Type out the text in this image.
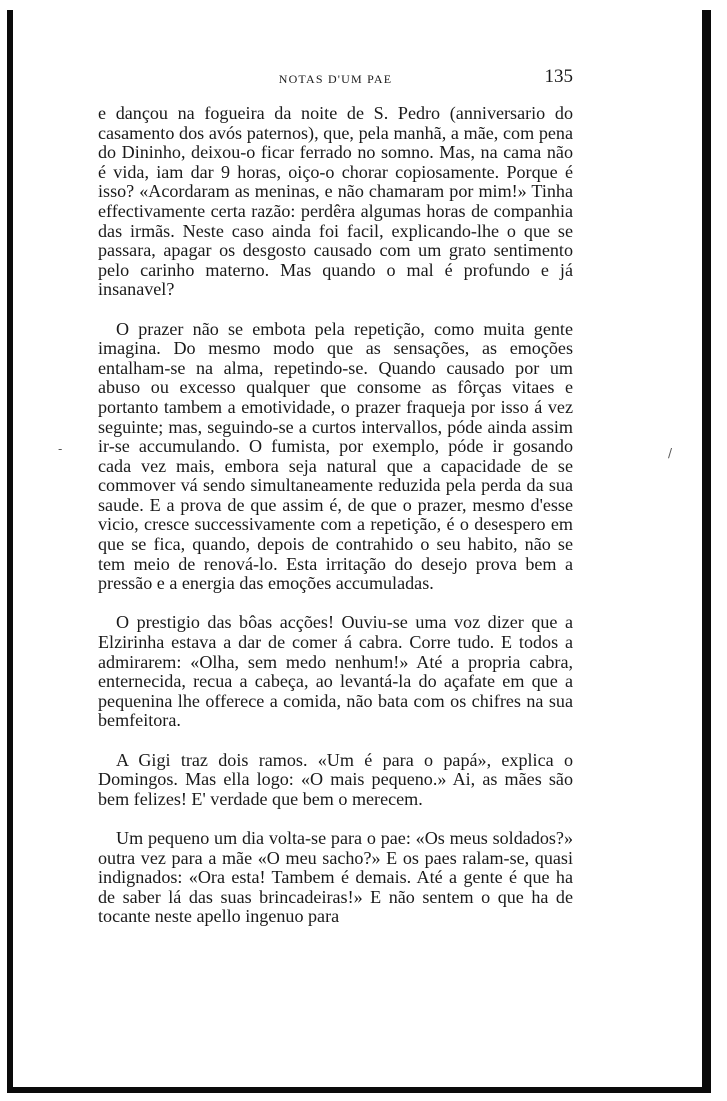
NOTAS D'UM PAE	135

e dançou na fogueira da noite de S. Pedro (anniversario do casamento dos avós paternos), que, pela manhã, a mãe, com pena do Dininho, deixou-o ficar ferrado no somno. Mas, na cama não é vida, iam dar 9 horas, oiço-o chorar copiosamente. Porque é isso? «Acordaram as meninas, e não chamaram por mim!» Tinha effectivamente certa razão: perdêra algumas horas de companhia das irmãs. Neste caso ainda foi facil, explicando-lhe o que se passara, apagar os desgosto causado com um grato sentimento pelo carinho materno. Mas quando o mal é profundo e já insanavel?

O prazer não se embota pela repetição, como muita gente imagina. Do mesmo modo que as sensações, as emoções entalham-se na alma, repetindo-se. Quando causado por um abuso ou excesso qualquer que consome as fôrças vitaes e portanto tambem a emotividade, o prazer fraqueja por isso á vez seguinte; mas, seguindo-se a curtos intervallos, póde ainda assim ir-se accumulando. O fumista, por exemplo, póde ir gosando cada vez mais, embora seja natural que a capacidade de se commover vá sendo simultaneamente reduzida pela perda da sua saude. E a prova de que assim é, de que o prazer, mesmo d'esse vicio, cresce successivamente com a repetição, é o desespero em que se fica, quando, depois de contrahido o seu habito, não se tem meio de renová-lo. Esta irritação do desejo prova bem a pressão e a energia das emoções accumuladas.

O prestigio das bôas acções! Ouviu-se uma voz dizer que a Elzirinha estava a dar de comer á cabra. Corre tudo. E todos a admirarem: «Olha, sem medo nenhum!» Até a propria cabra, enternecida, recua a cabeça, ao levantá-la do açafate em que a pequenina lhe offerece a comida, não bata com os chifres na sua bemfeitora.

A Gigi traz dois ramos. «Um é para o papá», explica o Domingos. Mas ella logo: «O mais pequeno.» Ai, as mães são bem felizes! E' verdade que bem o merecem.

Um pequeno um dia volta-se para o pae: «Os meus soldados?» outra vez para a mãe «O meu sacho?» E os paes ralam-se, quasi indignados: «Ora esta! Tambem é demais. Até a gente é que ha de saber lá das suas brincadeiras!» E não sentem o que ha de tocante neste apello ingenuo para

-	/
